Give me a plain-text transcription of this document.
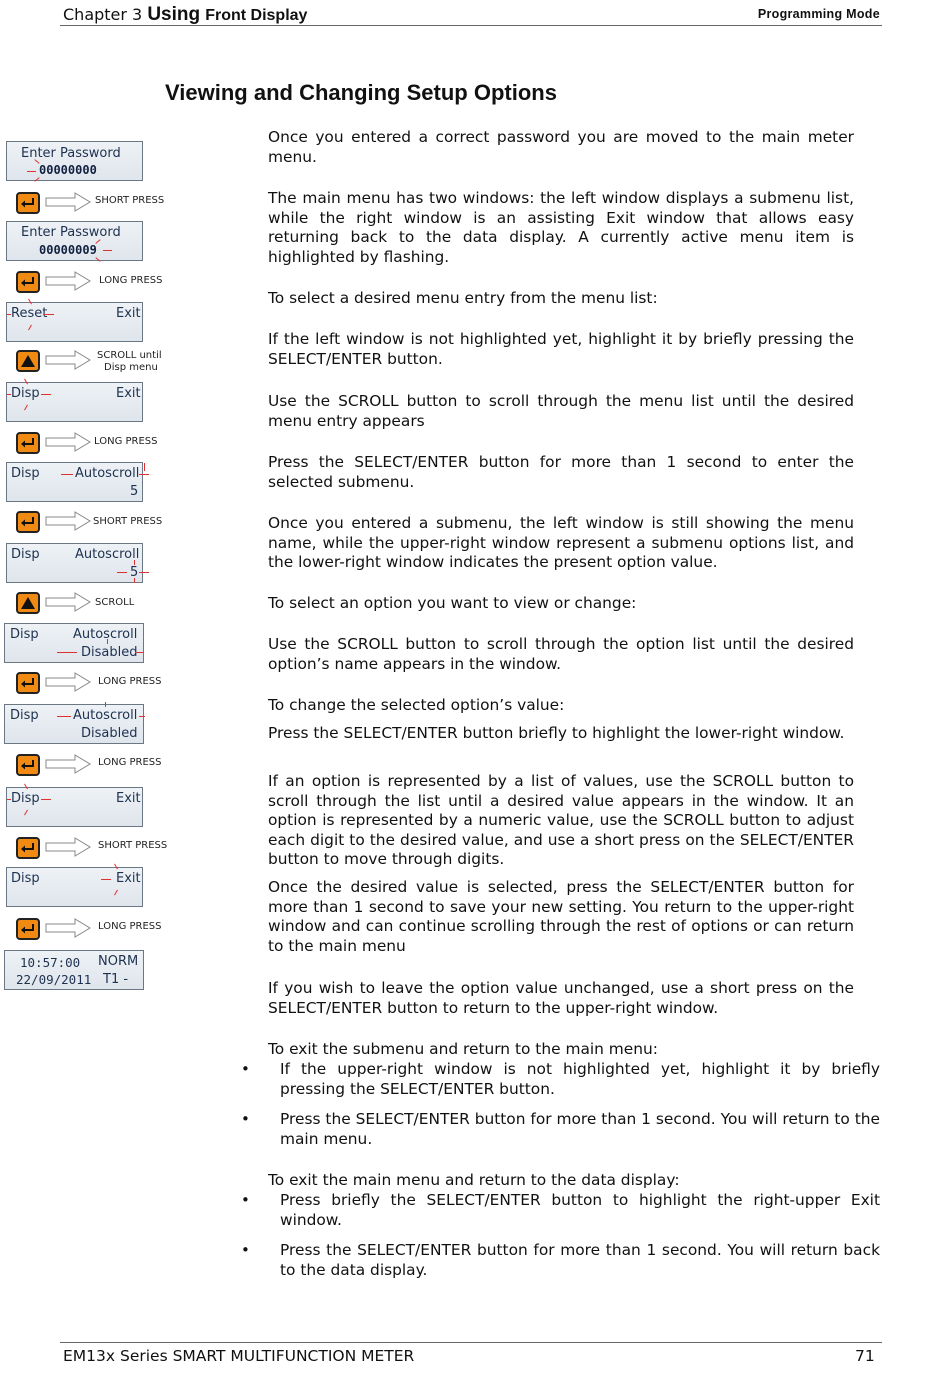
Chapter 3 Using Front Display	Programming Mode
Viewing and Changing Setup Options
Once you entered a correct password you are moved to the main meter menu.
The main menu has two windows: the left window displays a submenu list, while the right window is an assisting Exit window that allows easy returning back to the data display. A currently active menu item is highlighted by flashing.
To select a desired menu entry from the menu list:
If the left window is not highlighted yet, highlight it by briefly pressing the SELECT/ENTER button.
Use the SCROLL button to scroll through the menu list until the desired menu entry appears
Press the SELECT/ENTER button for more than 1 second to enter the selected submenu.
Once you entered a submenu, the left window is still showing the menu name, while the upper-right window represent a submenu options list, and the lower-right window indicates the present option value.
To select an option you want to view or change:
Use the SCROLL button to scroll through the option list until the desired option’s name appears in the window.
To change the selected option’s value:
Press the SELECT/ENTER button briefly to highlight the lower-right window.
If an option is represented by a list of values, use the SCROLL button to scroll through the list until a desired value appears in the window. It an option is represented by a numeric value, use the SCROLL button to adjust each digit to the desired value, and use a short press on the SELECT/ENTER button to move through digits.
Once the desired value is selected, press the SELECT/ENTER button for more than 1 second to save your new setting. You return to the upper-right window and can continue scrolling through the rest of options or can return to the main menu
If you wish to leave the option value unchanged, use a short press on the SELECT/ENTER button to return to the upper-right window.
To exit the submenu and return to the main menu:
• If the upper-right window is not highlighted yet, highlight it by briefly pressing the SELECT/ENTER button.
• Press the SELECT/ENTER button for more than 1 second. You will return to the main menu.
To exit the main menu and return to the data display:
• Press briefly the SELECT/ENTER button to highlight the right-upper Exit window.
• Press the SELECT/ENTER button for more than 1 second. You will return back to the data display.
Enter Password
00000000
Enter Password
00000009
Reset	Exit
Disp	Exit
Disp	Autoscroll
5
Disp	Autoscroll
5
Disp	Autoscroll
Disabled
Disp	Autoscroll
Disabled
Disp	Exit
Disp	Exit
10:57:00 NORM
22/09/2011 T1 -
SHORT PRESS
LONG PRESS
SCROLL until
Disp menu
LONG PRESS
SHORT PRESS
SCROLL
LONG PRESS
LONG PRESS
SHORT PRESS
LONG PRESS
EM13x Series SMART MULTIFUNCTION METER	71
